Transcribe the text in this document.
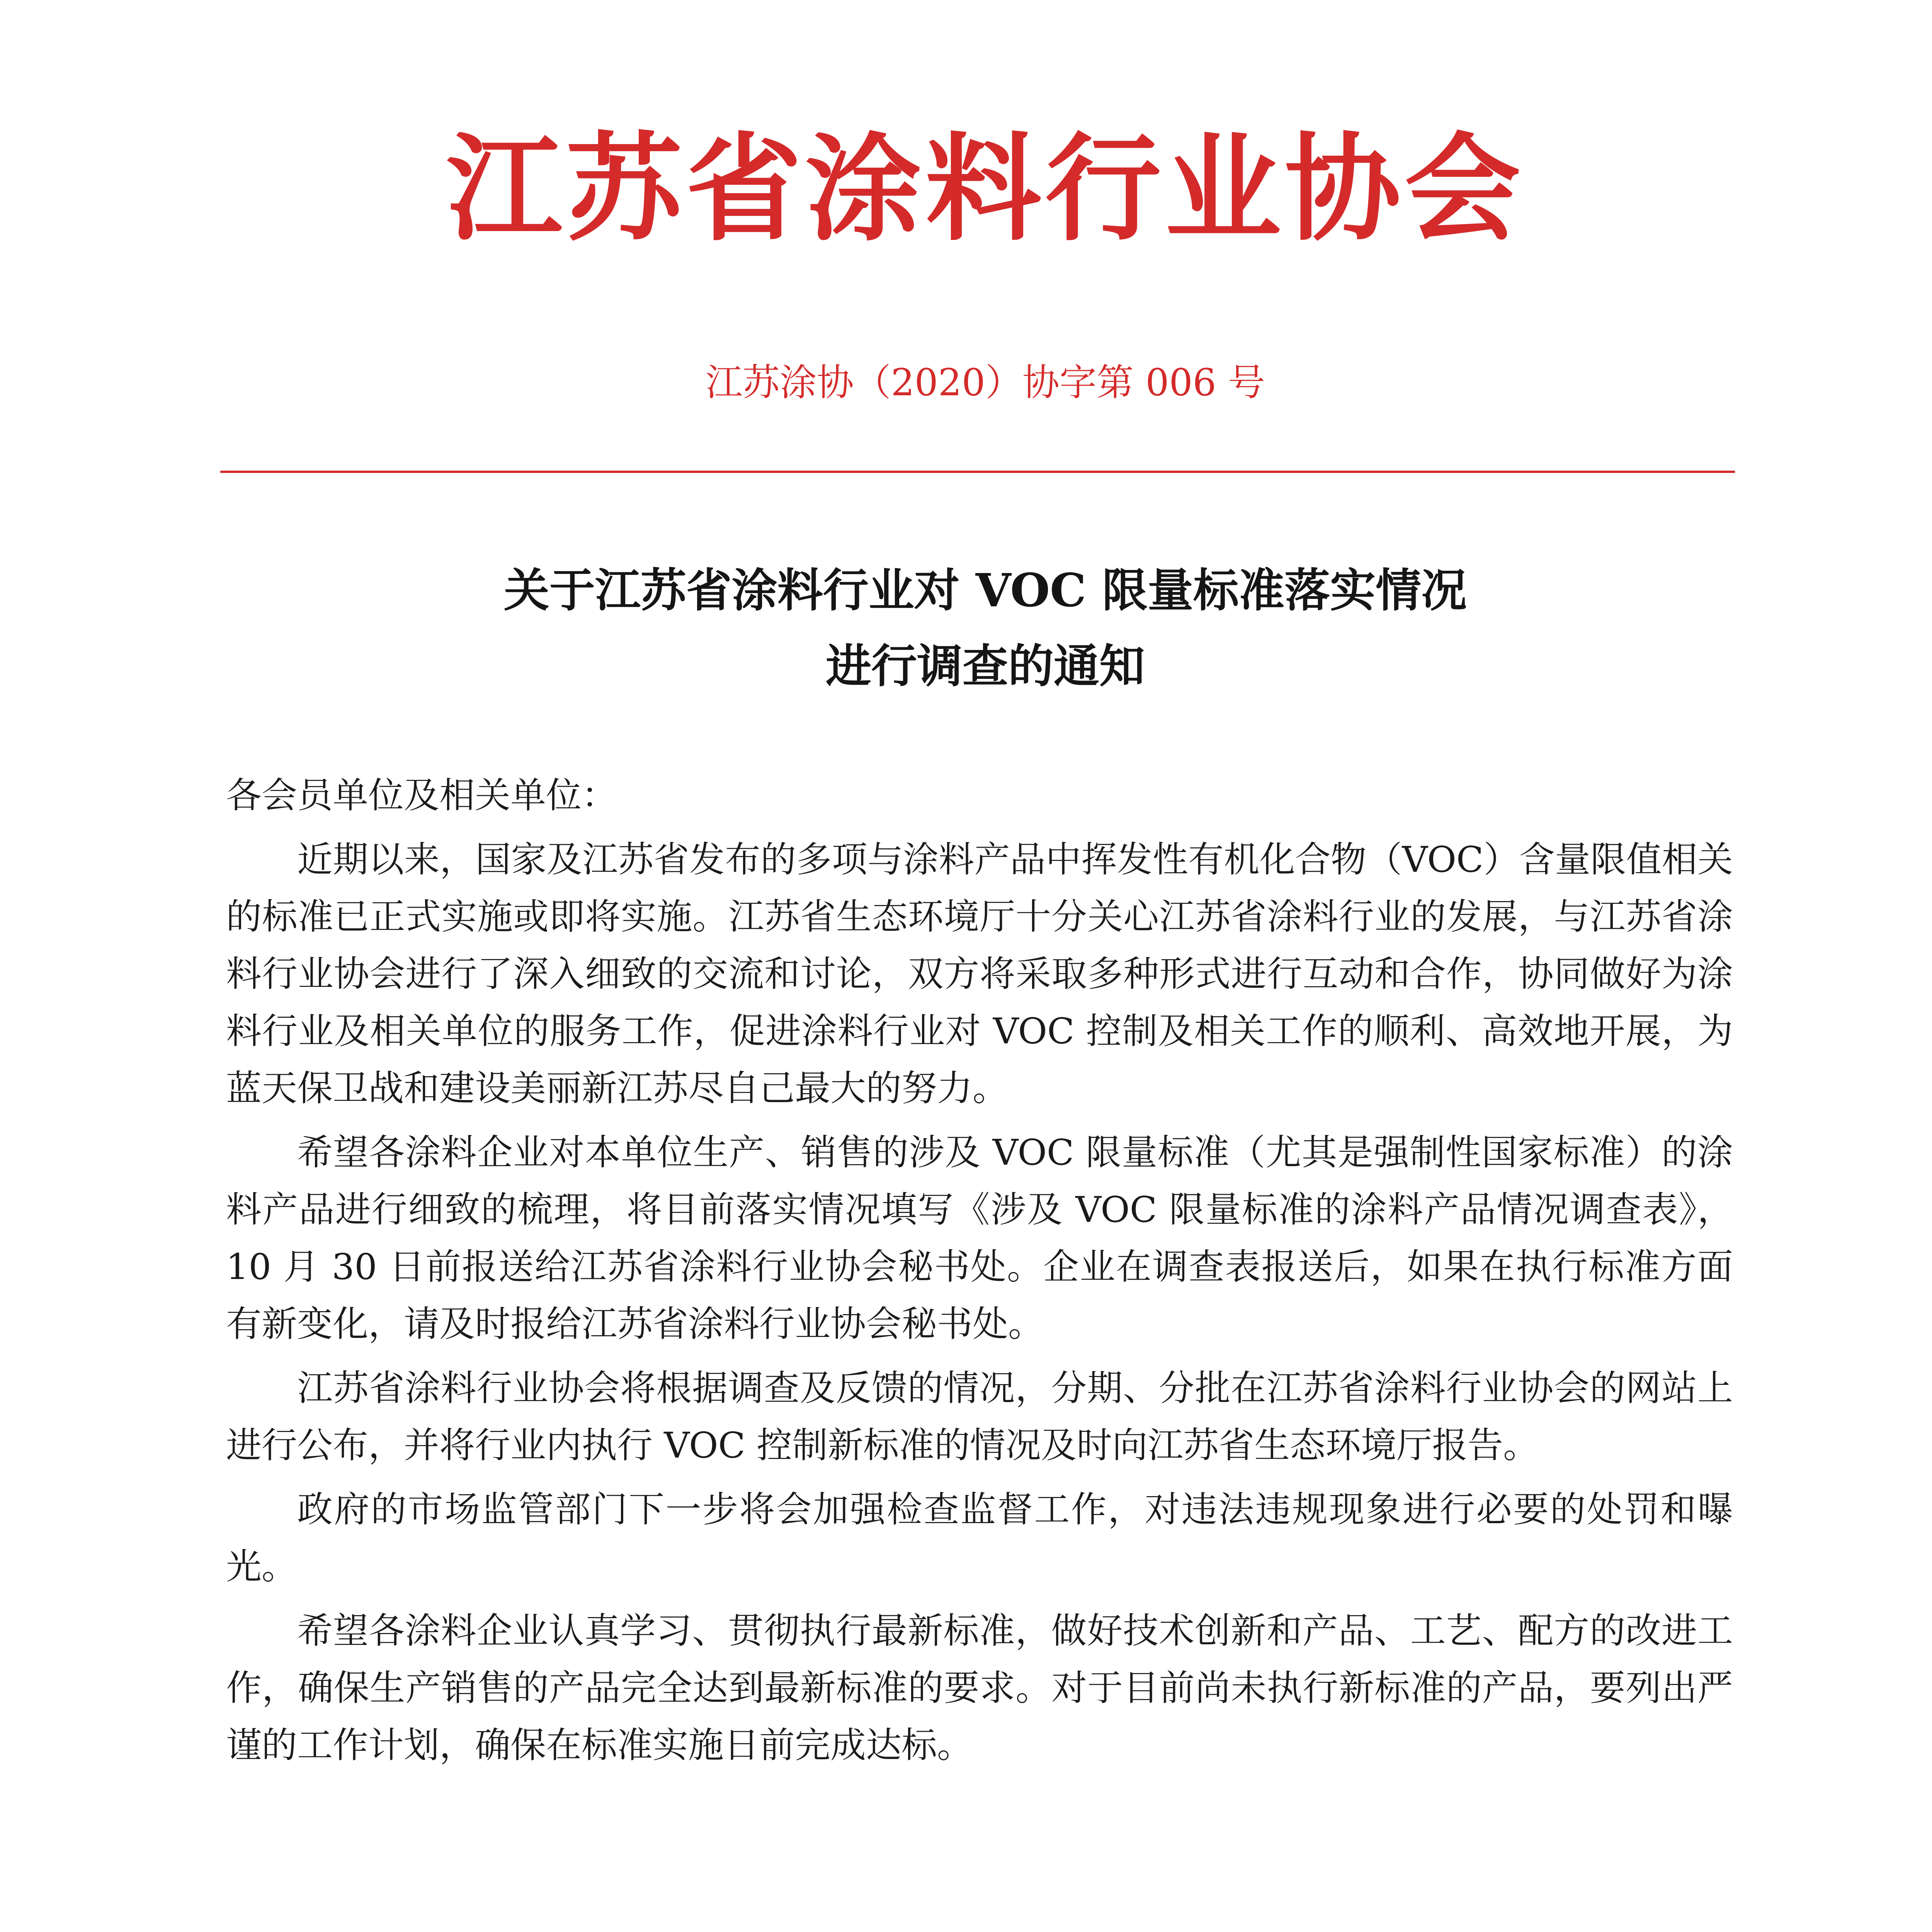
江苏省涂料行业协会
江苏涂协（2020）协字第 006 号
关于江苏省涂料行业对 VOC 限量标准落实情况
进行调查的通知

各会员单位及相关单位：

近期以来，国家及江苏省发布的多项与涂料产品中挥发性有机化合物（VOC）含量限值相关的标准已正式实施或即将实施。江苏省生态环境厅十分关心江苏省涂料行业的发展，与江苏省涂料行业协会进行了深入细致的交流和讨论，双方将采取多种形式进行互动和合作，协同做好为涂料行业及相关单位的服务工作，促进涂料行业对 VOC 控制及相关工作的顺利、高效地开展，为蓝天保卫战和建设美丽新江苏尽自己最大的努力。

希望各涂料企业对本单位生产、销售的涉及 VOC 限量标准（尤其是强制性国家标准）的涂料产品进行细致的梳理，将目前落实情况填写《涉及 VOC 限量标准的涂料产品情况调查表》，10 月 30 日前报送给江苏省涂料行业协会秘书处。企业在调查表报送后，如果在执行标准方面有新变化，请及时报给江苏省涂料行业协会秘书处。

江苏省涂料行业协会将根据调查及反馈的情况，分期、分批在江苏省涂料行业协会的网站上进行公布，并将行业内执行 VOC 控制新标准的情况及时向江苏省生态环境厅报告。

政府的市场监管部门下一步将会加强检查监督工作，对违法违规现象进行必要的处罚和曝光。

希望各涂料企业认真学习、贯彻执行最新标准，做好技术创新和产品、工艺、配方的改进工作，确保生产销售的产品完全达到最新标准的要求。对于目前尚未执行新标准的产品，要列出严谨的工作计划，确保在标准实施日前完成达标。
